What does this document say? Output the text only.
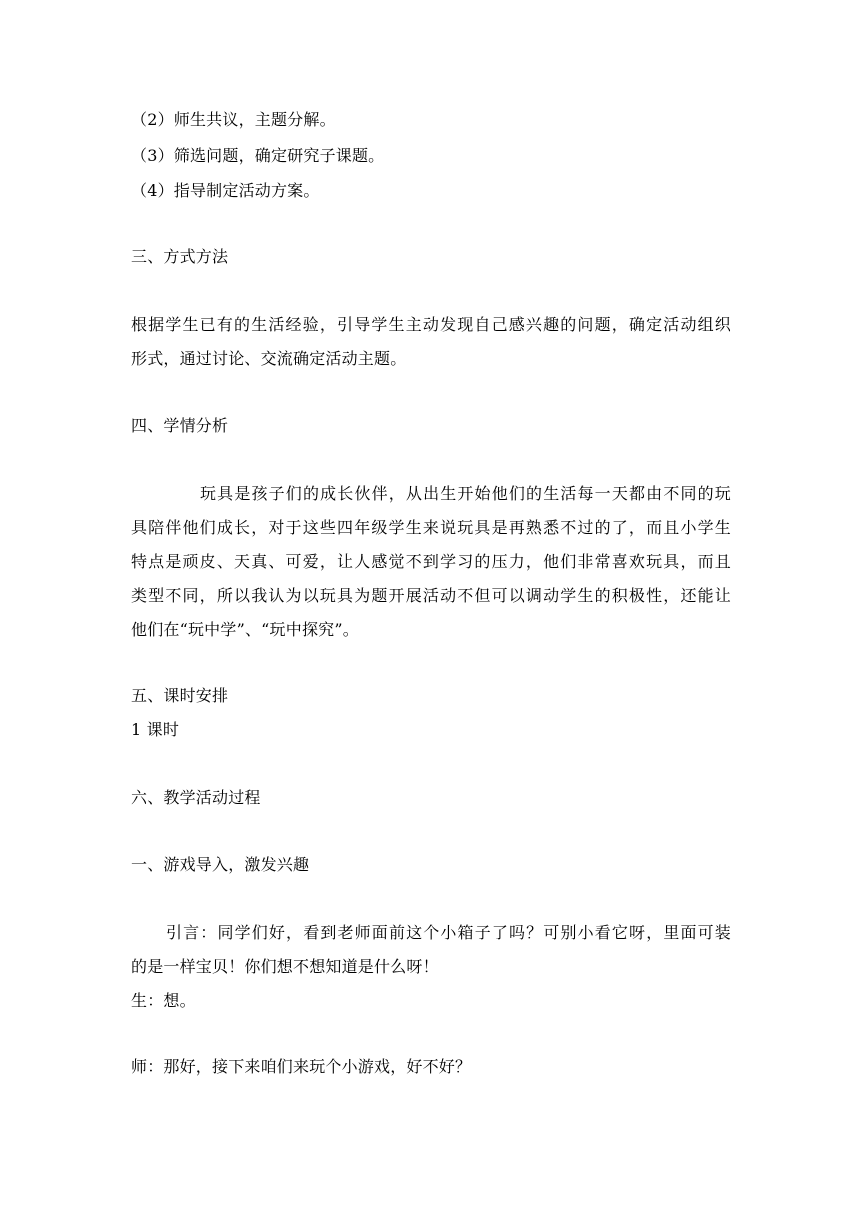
（2）师生共议，主题分解。
（3）筛选问题，确定研究子课题。
（4）指导制定活动方案。
三、方式方法
根据学生已有的生活经验，引导学生主动发现自己感兴趣的问题，确定活动组织
形式，通过讨论、交流确定活动主题。
四、学情分析
玩具是孩子们的成长伙伴，从出生开始他们的生活每一天都由不同的玩
具陪伴他们成长，对于这些四年级学生来说玩具是再熟悉不过的了，而且小学生
特点是顽皮、天真、可爱，让人感觉不到学习的压力，他们非常喜欢玩具，而且
类型不同，所以我认为以玩具为题开展活动不但可以调动学生的积极性，还能让
他们在“玩中学”、“玩中探究”。
五、课时安排
1 课时
六、教学活动过程
一、游戏导入，激发兴趣
引言：同学们好，看到老师面前这个小箱子了吗？可别小看它呀，里面可装
的是一样宝贝！你们想不想知道是什么呀！
生：想。
师：那好，接下来咱们来玩个小游戏，好不好？
